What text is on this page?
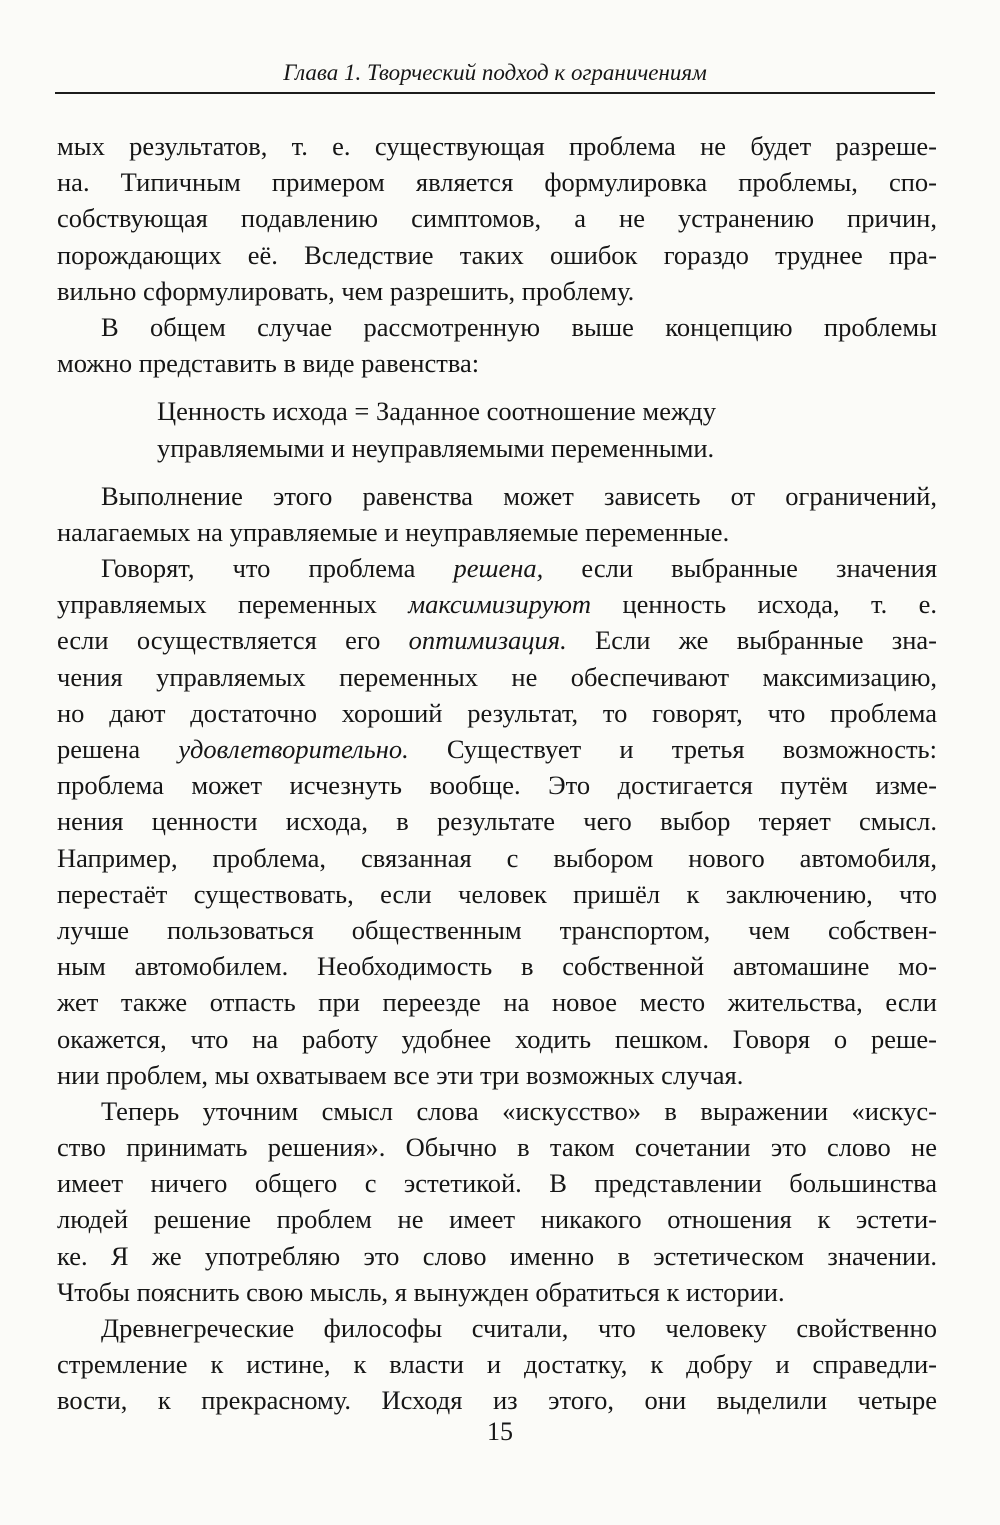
Глава 1. Творческий подход к ограничениям
мых результатов, т. е. существующая проблема не будет разреше-
на. Типичным примером является формулировка проблемы, спо-
собствующая подавлению симптомов, а не устранению причин,
порождающих её. Вследствие таких ошибок гораздо труднее пра-
вильно сформулировать, чем разрешить, проблему.
В общем случае рассмотренную выше концепцию проблемы
можно представить в виде равенства:
Ценность исхода = Заданное соотношение между
управляемыми и неуправляемыми переменными.
Выполнение этого равенства может зависеть от ограничений,
налагаемых на управляемые и неуправляемые переменные.
Говорят, что проблема решена, если выбранные значения
управляемых переменных максимизируют ценность исхода, т. е.
если осуществляется его оптимизация. Если же выбранные зна-
чения управляемых переменных не обеспечивают максимизацию,
но дают достаточно хороший результат, то говорят, что проблема
решена удовлетворительно. Существует и третья возможность:
проблема может исчезнуть вообще. Это достигается путём изме-
нения ценности исхода, в результате чего выбор теряет смысл.
Например, проблема, связанная с выбором нового автомобиля,
перестаёт существовать, если человек пришёл к заключению, что
лучше пользоваться общественным транспортом, чем собствен-
ным автомобилем. Необходимость в собственной автомашине мо-
жет также отпасть при переезде на новое место жительства, если
окажется, что на работу удобнее ходить пешком. Говоря о реше-
нии проблем, мы охватываем все эти три возможных случая.
Теперь уточним смысл слова «искусство» в выражении «искус-
ство принимать решения». Обычно в таком сочетании это слово не
имеет ничего общего с эстетикой. В представлении большинства
людей решение проблем не имеет никакого отношения к эстети-
ке. Я же употребляю это слово именно в эстетическом значении.
Чтобы пояснить свою мысль, я вынужден обратиться к истории.
Древнегреческие философы считали, что человеку свойственно
стремление к истине, к власти и достатку, к добру и справедли-
вости, к прекрасному. Исходя из этого, они выделили четыре
15
